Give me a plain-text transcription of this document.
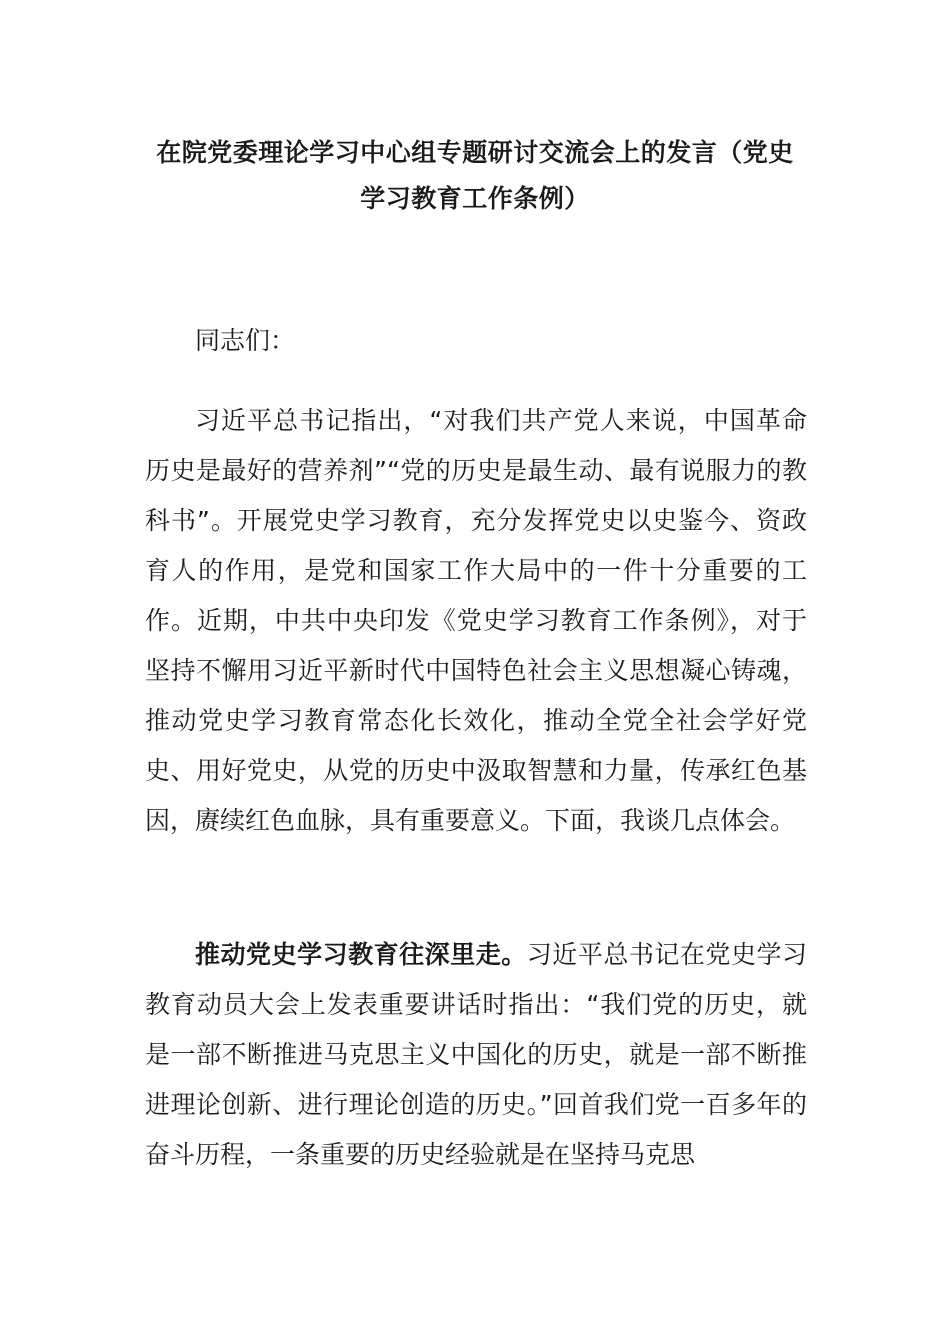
在院党委理论学习中心组专题研讨交流会上的发言（党史
学习教育工作条例）

同志们：

习近平总书记指出，“对我们共产党人来说，中国革命历史是最好的营养剂”“党的历史是最生动、最有说服力的教科书”。开展党史学习教育，充分发挥党史以史鉴今、资政育人的作用，是党和国家工作大局中的一件十分重要的工作。近期，中共中央印发《党史学习教育工作条例》，对于坚持不懈用习近平新时代中国特色社会主义思想凝心铸魂，推动党史学习教育常态化长效化，推动全党全社会学好党史、用好党史，从党的历史中汲取智慧和力量，传承红色基因，赓续红色血脉，具有重要意义。下面，我谈几点体会。

推动党史学习教育往深里走。习近平总书记在党史学习教育动员大会上发表重要讲话时指出：“我们党的历史，就是一部不断推进马克思主义中国化的历史，就是一部不断推进理论创新、进行理论创造的历史。”回首我们党一百多年的奋斗历程，一条重要的历史经验就是在坚持马克思
